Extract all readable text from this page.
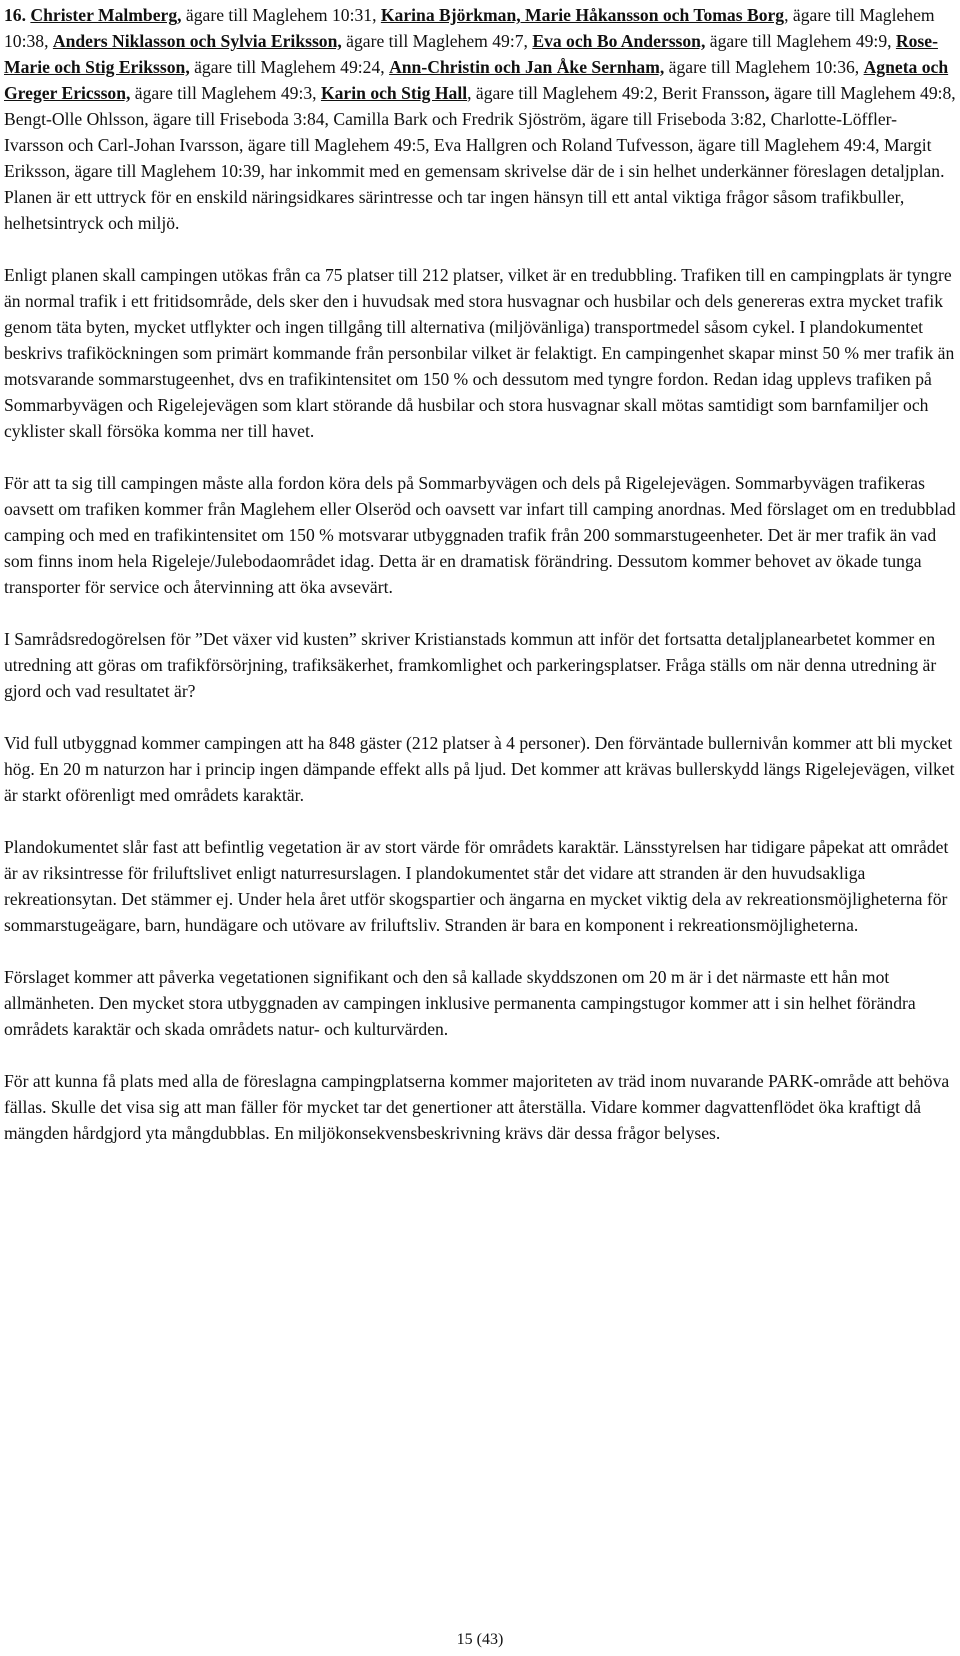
16. Christer Malmberg, ägare till Maglehem 10:31, Karina Björkman, Marie Håkansson och Tomas Borg, ägare till Maglehem 10:38, Anders Niklasson och Sylvia Eriksson, ägare till Maglehem 49:7, Eva och Bo Andersson, ägare till Maglehem 49:9, Rose-Marie och Stig Eriksson, ägare till Maglehem 49:24, Ann-Christin och Jan Åke Sernham, ägare till Maglehem 10:36, Agneta och Greger Ericsson, ägare till Maglehem 49:3, Karin och Stig Hall, ägare till Maglehem 49:2, Berit Fransson, ägare till Maglehem 49:8, Bengt-Olle Ohlsson, ägare till Friseboda 3:84, Camilla Bark och Fredrik Sjöström, ägare till Friseboda 3:82, Charlotte-Löffler-Ivarsson och Carl-Johan Ivarsson, ägare till Maglehem 49:5, Eva Hallgren och Roland Tufvesson, ägare till Maglehem 49:4, Margit Eriksson, ägare till Maglehem 10:39, har inkommit med en gemensam skrivelse där de i sin helhet underkänner föreslagen detaljplan. Planen är ett uttryck för en enskild näringsidkares särintresse och tar ingen hänsyn till ett antal viktiga frågor såsom trafikbuller, helhetsintryck och miljö.

Enligt planen skall campingen utökas från ca 75 platser till 212 platser, vilket är en tredubbling. Trafiken till en campingplats är tyngre än normal trafik i ett fritidsområde, dels sker den i huvudsak med stora husvagnar och husbilar och dels genereras extra mycket trafik genom täta byten, mycket utflykter och ingen tillgång till alternativa (miljövänliga) transportmedel såsom cykel. I plandokumentet beskrivs trafiköckningen som primärt kommande från personbilar vilket är felaktigt. En campingenhet skapar minst 50 % mer trafik än motsvarande sommarstugeenhet, dvs en trafikintensitet om 150 % och dessutom med tyngre fordon. Redan idag upplevs trafiken på Sommarbyvägen och Rigelejevägen som klart störande då husbilar och stora husvagnar skall mötas samtidigt som barnfamiljer och cyklister skall försöka komma ner till havet.

För att ta sig till campingen måste alla fordon köra dels på Sommarbyvägen och dels på Rigelejevägen. Sommarbyvägen trafikeras oavsett om trafiken kommer från Maglehem eller Olseröd och oavsett var infart till camping anordnas. Med förslaget om en tredubblad camping och med en trafikintensitet om 150 % motsvarar utbyggnaden trafik från 200 sommarstugeenheter. Det är mer trafik än vad som finns inom hela Rigeleje/Julebodaområdet idag. Detta är en dramatisk förändring. Dessutom kommer behovet av ökade tunga transporter för service och återvinning att öka avsevärt.

I Samrådsredogörelsen för ”Det växer vid kusten” skriver Kristianstads kommun att inför det fortsatta detaljplanearbetet kommer en utredning att göras om trafikförsörjning, trafiksäkerhet, framkomlighet och parkeringsplatser. Fråga ställs om när denna utredning är gjord och vad resultatet är?

Vid full utbyggnad kommer campingen att ha 848 gäster (212 platser à 4 personer). Den förväntade bullernivån kommer att bli mycket hög. En 20 m naturzon har i princip ingen dämpande effekt alls på ljud. Det kommer att krävas bullerskydd längs Rigelejevägen, vilket är starkt oförenligt med områdets karaktär.

Plandokumentet slår fast att befintlig vegetation är av stort värde för områdets karaktär. Länsstyrelsen har tidigare påpekat att området är av riksintresse för friluftslivet enligt naturresurslagen. I plandokumentet står det vidare att stranden är den huvudsakliga rekreationsytan. Det stämmer ej. Under hela året utför skogspartier och ängarna en mycket viktig dela av rekreationsmöjligheterna för sommarstugeägare, barn, hundägare och utövare av friluftsliv. Stranden är bara en komponent i rekreationsmöjligheterna.

Förslaget kommer att påverka vegetationen signifikant och den så kallade skyddszonen om 20 m är i det närmaste ett hån mot allmänheten. Den mycket stora utbyggnaden av campingen inklusive permanenta campingstugor kommer att i sin helhet förändra områdets karaktär och skada områdets natur- och kulturvärden.

För att kunna få plats med alla de föreslagna campingplatserna kommer majoriteten av träd inom nuvarande PARK-område att behöva fällas. Skulle det visa sig att man fäller för mycket tar det genertioner att återställa. Vidare kommer dagvattenflödet öka kraftigt då mängden hårdgjord yta mångdubblas. En miljökonsekvensbeskrivning krävs där dessa frågor belyses.

15 (43)
